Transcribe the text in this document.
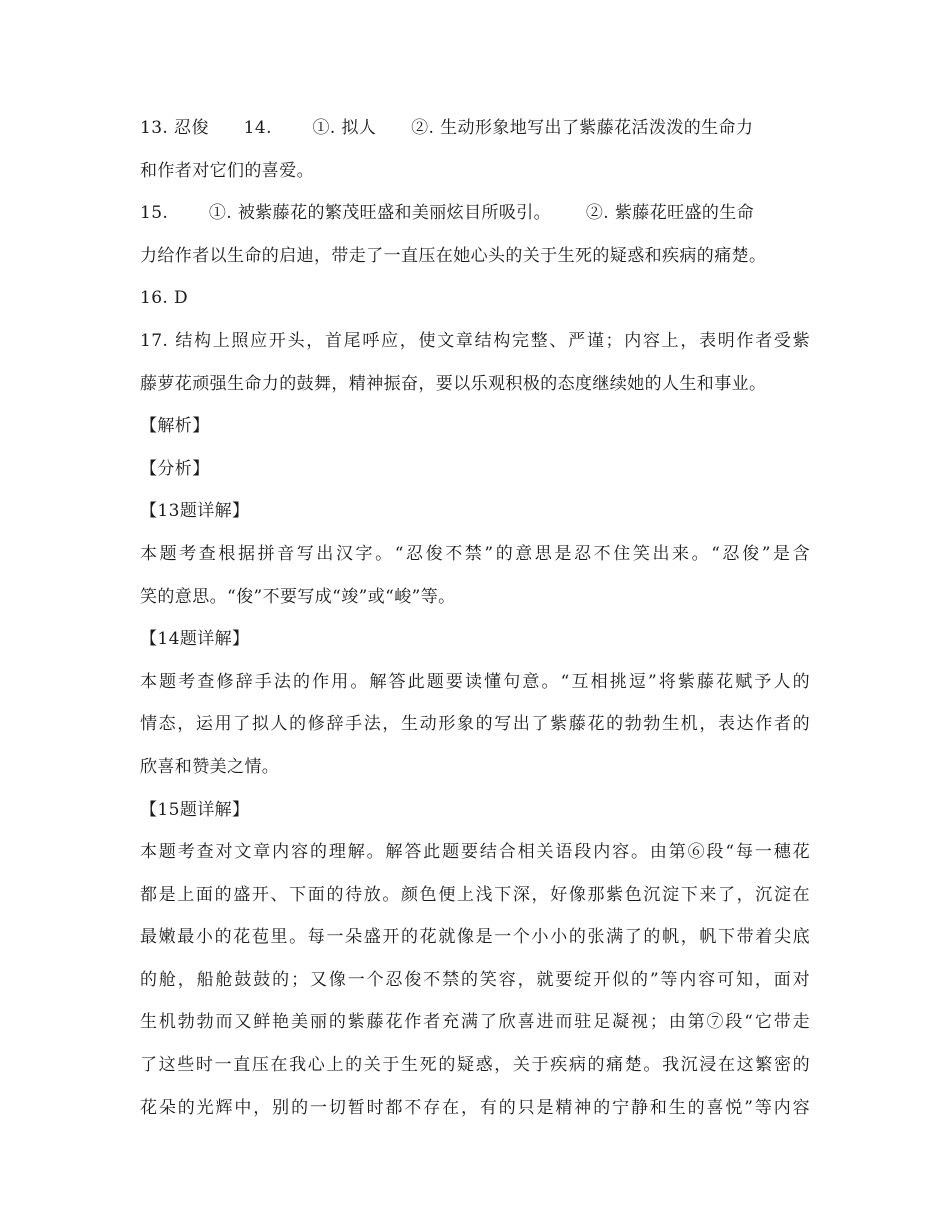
13. 忍俊      14.       ①. 拟人      ②. 生动形象地写出了紫藤花活泼泼的生命力
和作者对它们的喜爱。
15.       ①. 被紫藤花的繁茂旺盛和美丽炫目所吸引。      ②. 紫藤花旺盛的生命
力给作者以生命的启迪，带走了一直压在她心头的关于生死的疑惑和疾病的痛楚。
16. D
17. 结构上照应开头，首尾呼应，使文章结构完整、严谨；内容上，表明作者受紫
藤萝花顽强生命力的鼓舞，精神振奋，要以乐观积极的态度继续她的人生和事业。
【解析】
【分析】
【13题详解】
本题考查根据拼音写出汉字。“忍俊不禁”的意思是忍不住笑出来。“忍俊”是含
笑的意思。“俊”不要写成“竣”或“峻”等。
【14题详解】
本题考查修辞手法的作用。解答此题要读懂句意。“互相挑逗”将紫藤花赋予人的
情态，运用了拟人的修辞手法，生动形象的写出了紫藤花的勃勃生机，表达作者的
欣喜和赞美之情。
【15题详解】
本题考查对文章内容的理解。解答此题要结合相关语段内容。由第⑥段“每一穗花
都是上面的盛开、下面的待放。颜色便上浅下深，好像那紫色沉淀下来了，沉淀在
最嫩最小的花苞里。每一朵盛开的花就像是一个小小的张满了的帆，帆下带着尖底
的舱，船舱鼓鼓的；又像一个忍俊不禁的笑容，就要绽开似的”等内容可知，面对
生机勃勃而又鲜艳美丽的紫藤花作者充满了欣喜进而驻足凝视；由第⑦段“它带走
了这些时一直压在我心上的关于生死的疑惑，关于疾病的痛楚。我沉浸在这繁密的
花朵的光辉中，别的一切暂时都不存在，有的只是精神的宁静和生的喜悦”等内容
